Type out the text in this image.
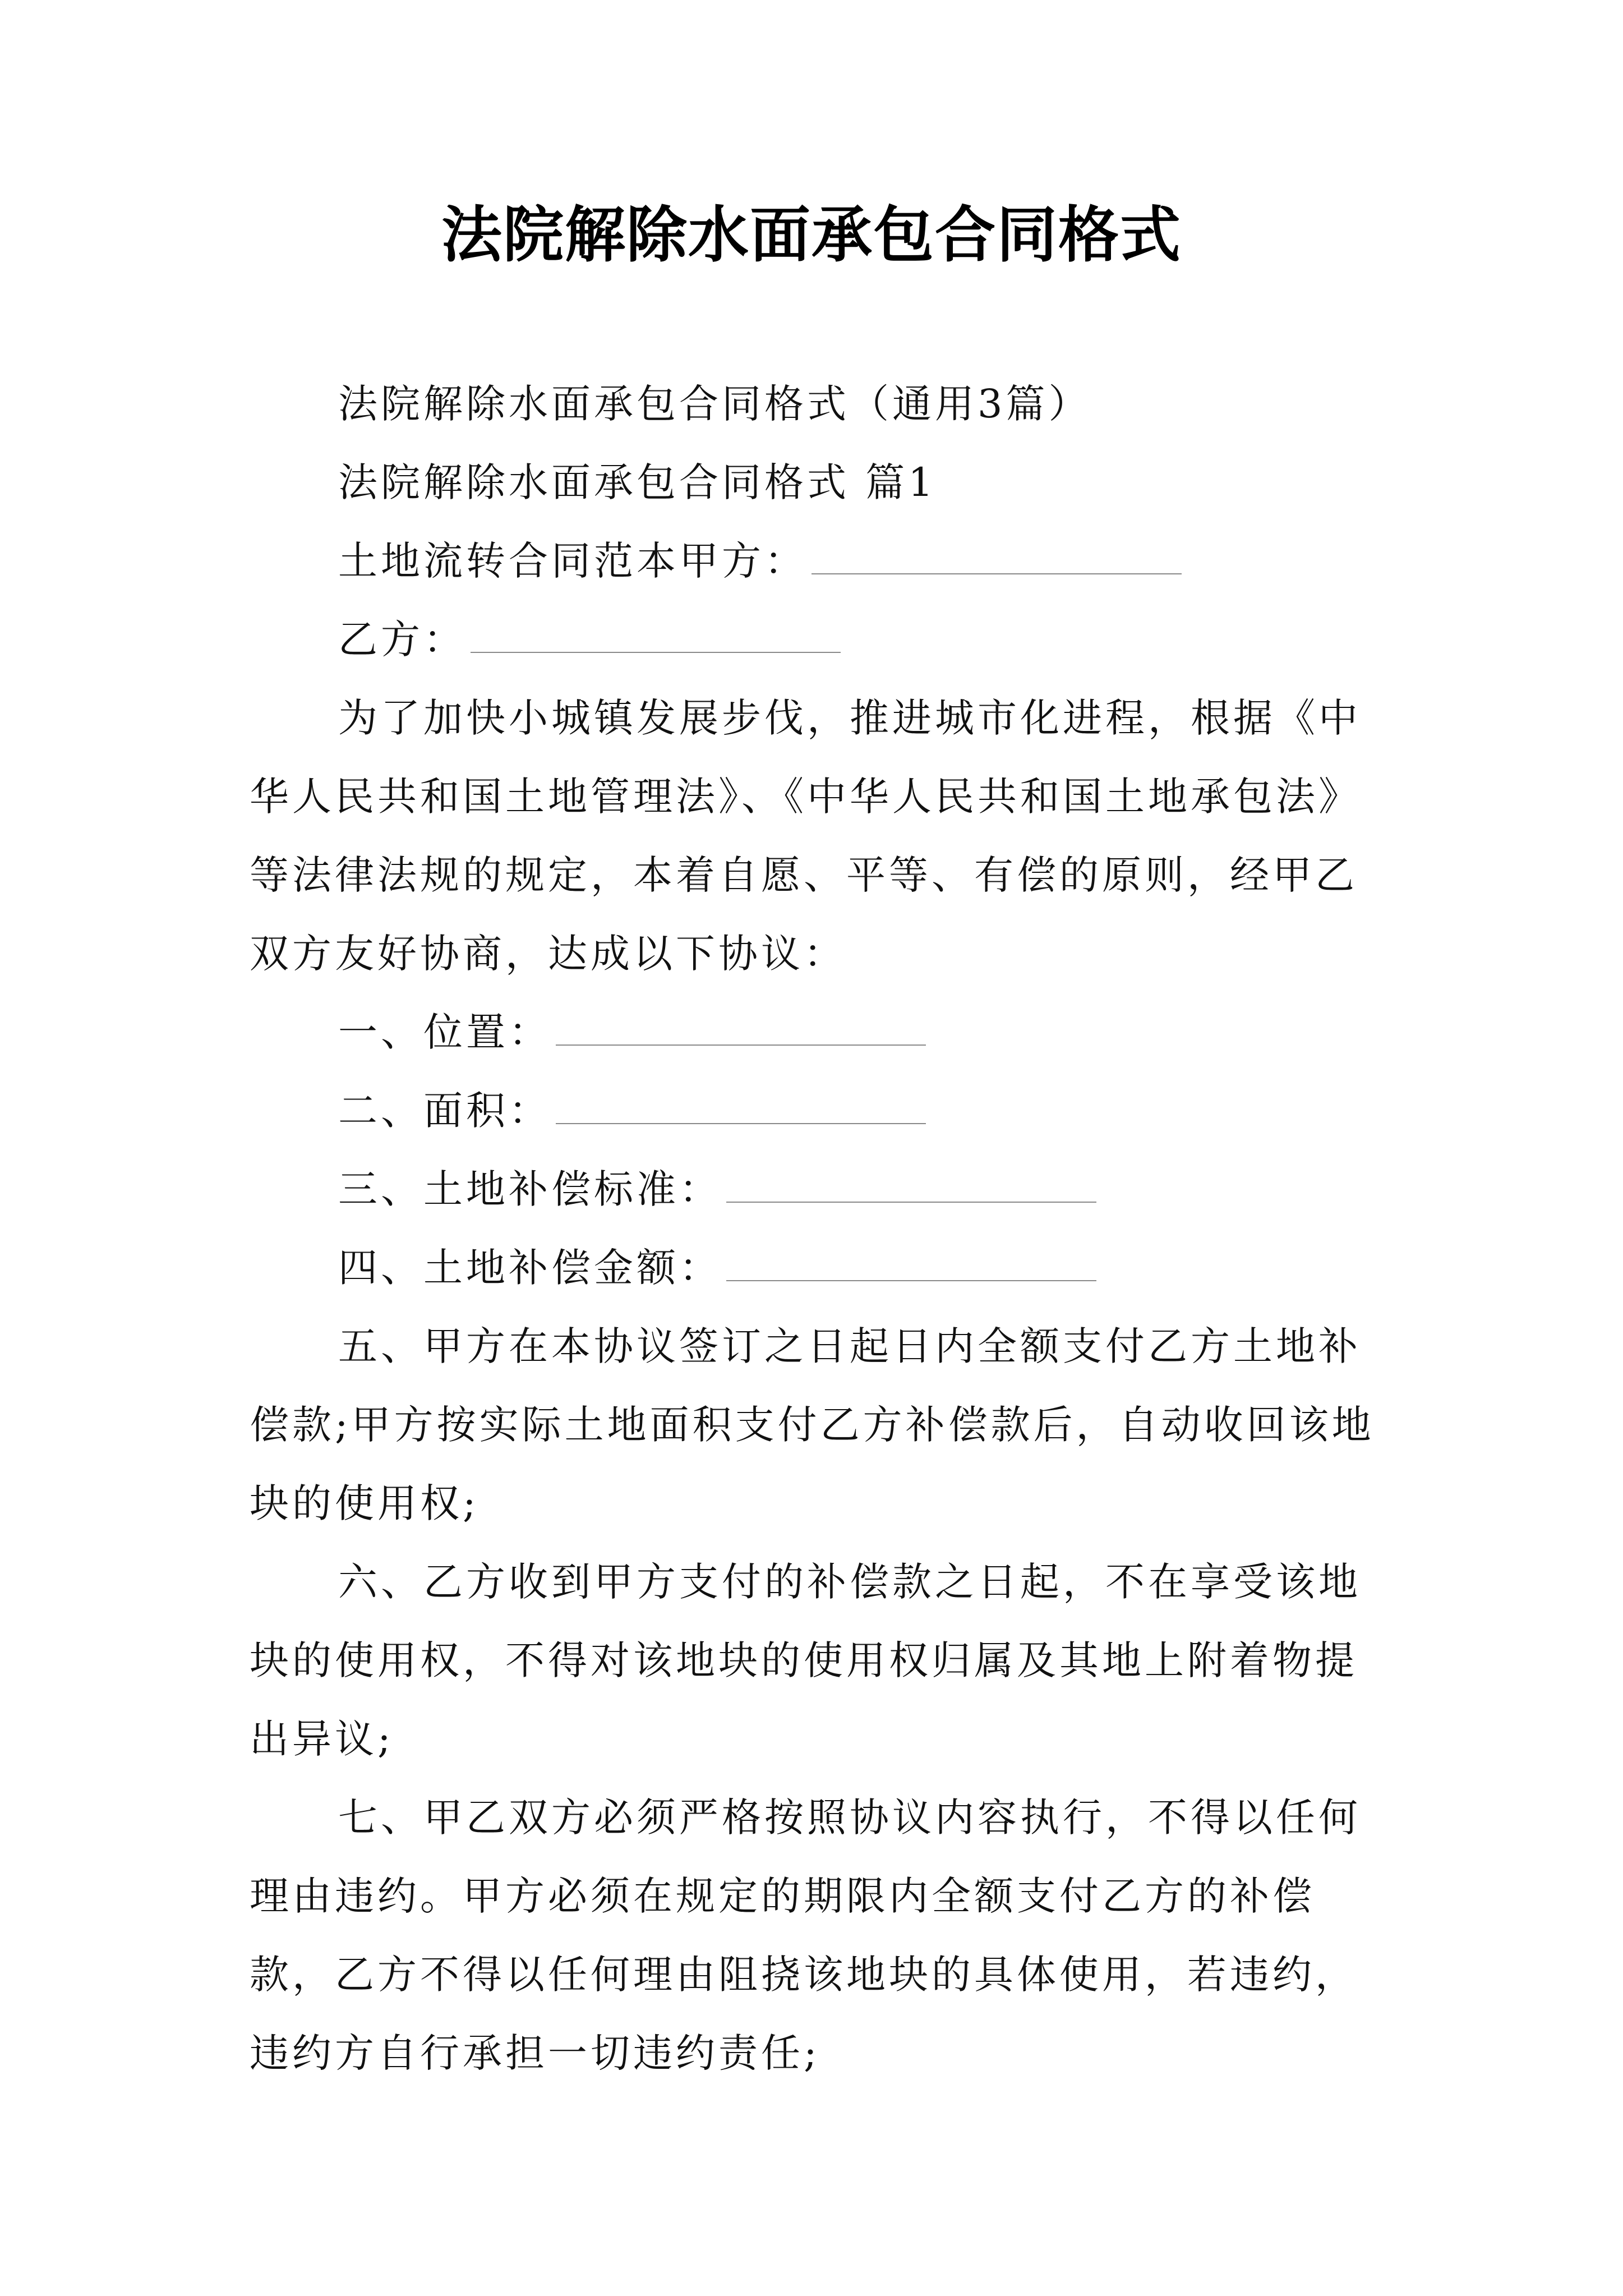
法院解除水面承包合同格式

法院解除水面承包合同格式（通用3篇）

法院解除水面承包合同格式 篇1

土地流转合同范本甲方：

乙方：

为了加快小城镇发展步伐，推进城市化进程，根据《中华人民共和国土地管理法》、《中华人民共和国土地承包法》等法律法规的规定，本着自愿、平等、有偿的原则，经甲乙双方友好协商，达成以下协议：

一、位置：

二、面积：

三、土地补偿标准：

四、土地补偿金额：

五、甲方在本协议签订之日起日内全额支付乙方土地补偿款;甲方按实际土地面积支付乙方补偿款后，自动收回该地块的使用权;

六、乙方收到甲方支付的补偿款之日起，不在享受该地块的使用权，不得对该地块的使用权归属及其地上附着物提出异议;

七、甲乙双方必须严格按照协议内容执行，不得以任何理由违约。甲方必须在规定的期限内全额支付乙方的补偿款，乙方不得以任何理由阻挠该地块的具体使用，若违约，违约方自行承担一切违约责任;
